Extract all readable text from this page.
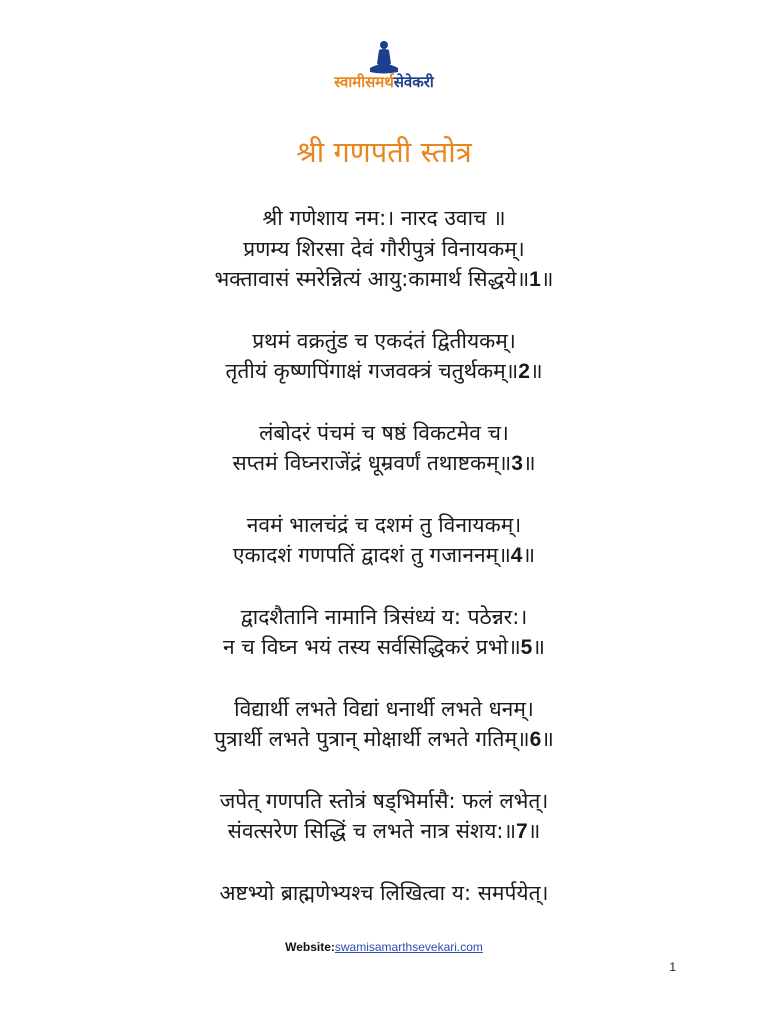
स्वामीसमर्थसेवेकरी
श्री गणपती स्तोत्र
श्री गणेशाय नम:। नारद उवाच ॥
प्रणम्य शिरसा देवं गौरीपुत्रं विनायकम्।
भक्तावासं स्मरेन्नित्यं आयु:कामार्थ सिद्धये॥1॥
प्रथमं वक्रतुंड च एकदंतं द्वितीयकम्।
तृतीयं कृष्णपिंगाक्षं गजवक्त्रं चतुर्थकम्॥2॥
लंबोदरं पंचमं च षष्ठं विकटमेव च।
सप्तमं विघ्नराजेंद्रं धूम्रवर्णं तथाष्टकम्॥3॥
नवमं भालचंद्रं च दशमं तु विनायकम्।
एकादशं गणपतिं द्वादशं तु गजाननम्॥4॥
द्वादशैतानि नामानि त्रिसंध्यं य: पठेन्नर:।
न च विघ्न भयं तस्य सर्वसिद्धिकरं प्रभो॥5॥
विद्यार्थी लभते विद्यां धनार्थी लभते धनम्।
पुत्रार्थी लभते पुत्रान् मोक्षार्थी लभते गतिम्॥6॥
जपेत् गणपति स्तोत्रं षड्भिर्मासै: फलं लभेत्।
संवत्सरेण सिद्धिं च लभते नात्र संशय:॥7॥
अष्टभ्यो ब्राह्मणेभ्यश्च लिखित्वा य: समर्पयेत्।
Website:swamisamarthsevekari.com
1
